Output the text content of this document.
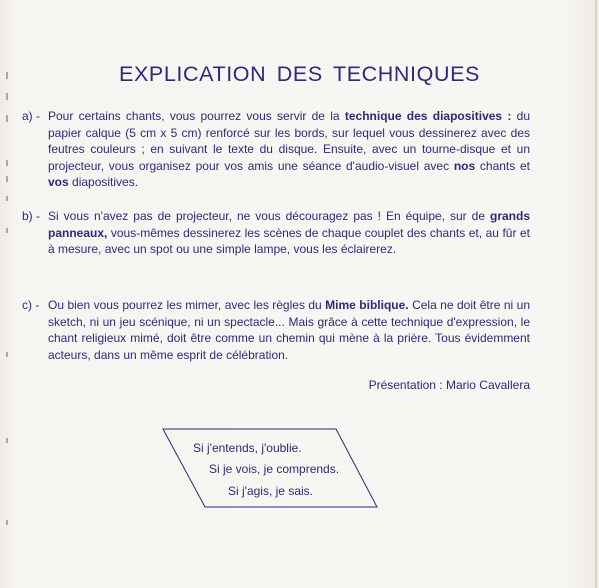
EXPLICATION DES TECHNIQUES
a) - Pour certains chants, vous pourrez vous servir de la technique des diapositives : du papier calque (5 cm x 5 cm) renforcé sur les bords, sur lequel vous dessinerez avec des feutres couleurs ; en suivant le texte du disque. Ensuite, avec un tourne-disque et un projecteur, vous organisez pour vos amis une séance d'audio-visuel avec nos chants et vos diapositives.
b) - Si vous n'avez pas de projecteur, ne vous découragez pas ! En équipe, sur de grands panneaux, vous-mêmes dessinerez les scènes de chaque couplet des chants et, au fûr et à mesure, avec un spot ou une simple lampe, vous les éclairerez.
c) - Ou bien vous pourrez les mimer, avec les règles du Mime biblique. Cela ne doit être ni un sketch, ni un jeu scénique, ni un spectacle... Mais grâce à cette technique d'expression, le chant religieux mimé, doit être comme un chemin qui mène à la prière. Tous évidemment acteurs, dans un même esprit de célébration.
Présentation : Mario Cavallera
Si j'entends, j'oublie.
Si je vois, je comprends.
Si j'agis, je sais.
